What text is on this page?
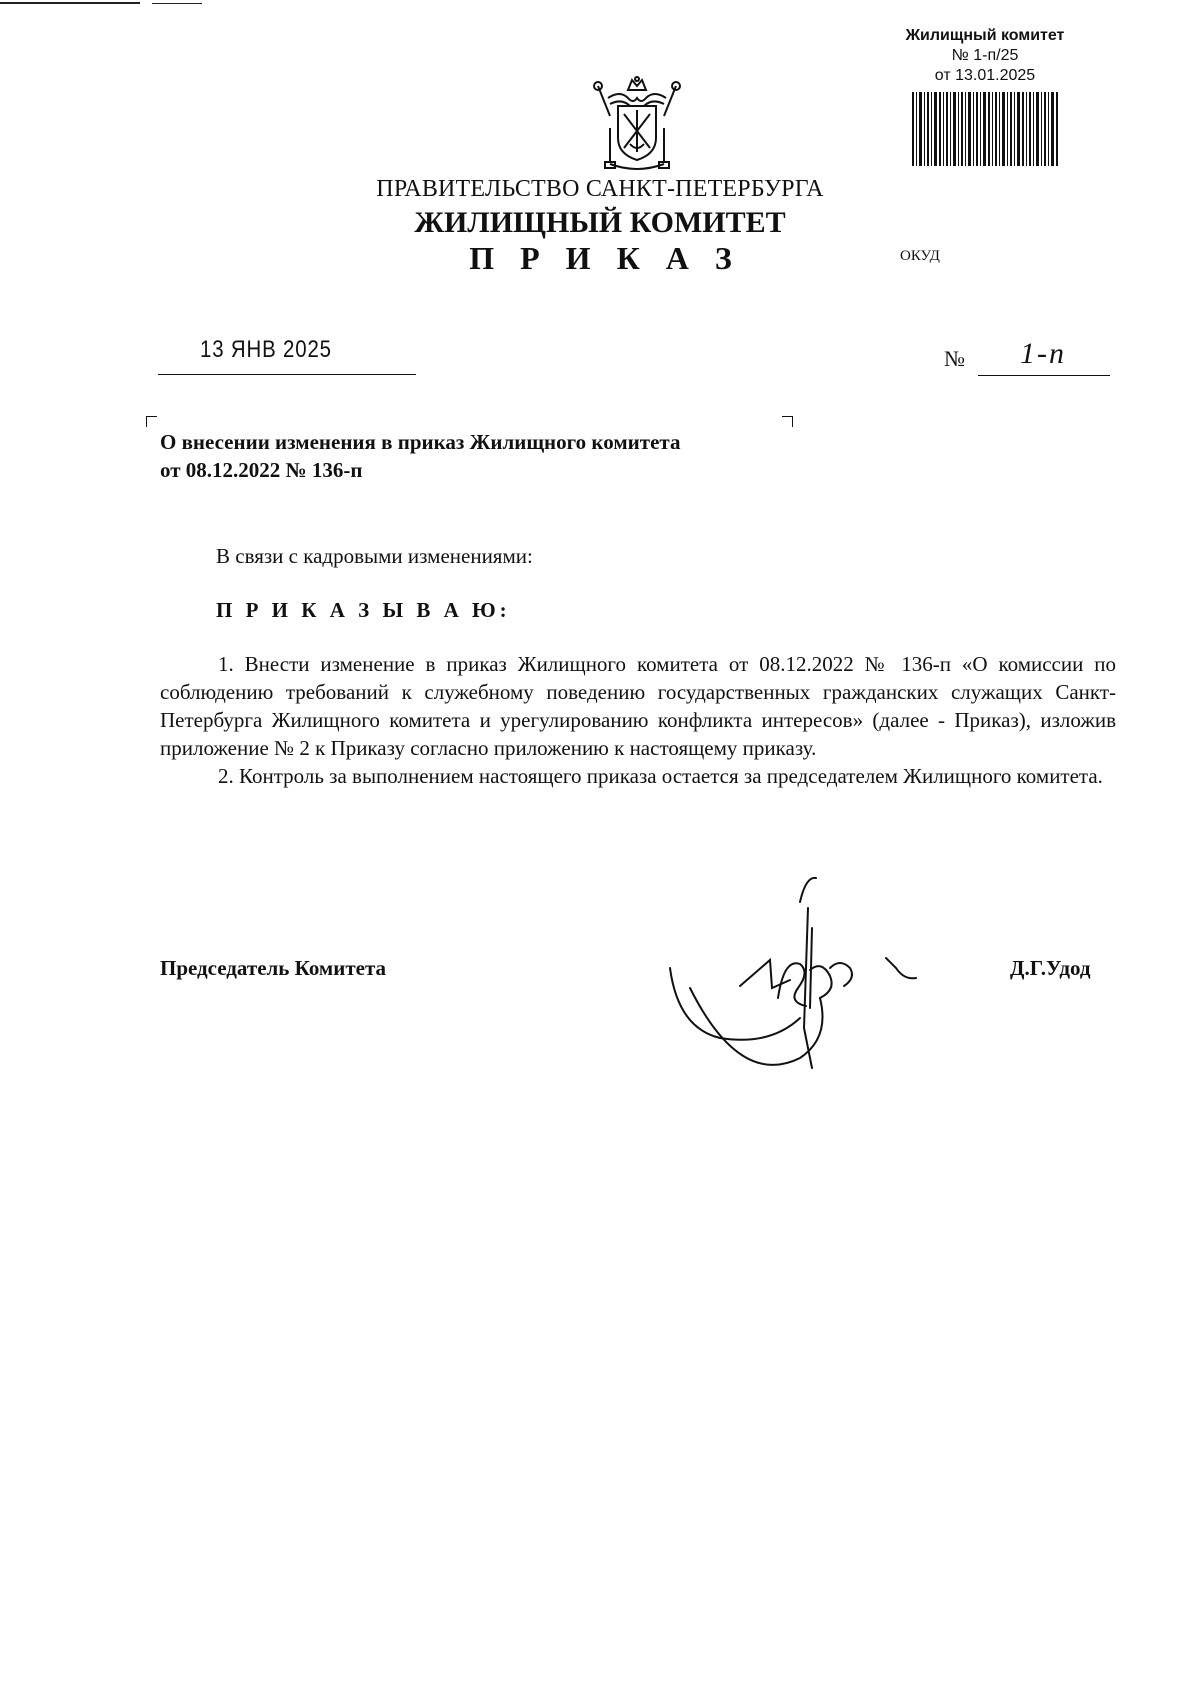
Жилищный комитет
№ 1-п/25
от 13.01.2025
ПРАВИТЕЛЬСТВО САНКТ-ПЕТЕРБУРГА
ЖИЛИЩНЫЙ КОМИТЕТ
П Р И К А З	ОКУД
13 ЯНВ 2025	№ 1-п
О внесении изменения в приказ Жилищного комитета
от 08.12.2022 № 136-п
В связи с кадровыми изменениями:
П Р И К А З Ы В А Ю:

1. Внести изменение в приказ Жилищного комитета от 08.12.2022 № 136-п «О комиссии по соблюдению требований к служебному поведению государственных гражданских служащих Санкт-Петербурга Жилищного комитета и урегулированию конфликта интересов» (далее - Приказ), изложив приложение № 2 к Приказу согласно приложению к настоящему приказу.

2. Контроль за выполнением настоящего приказа остается за председателем Жилищного комитета.

Председатель Комитета	Д.Г.Удод
